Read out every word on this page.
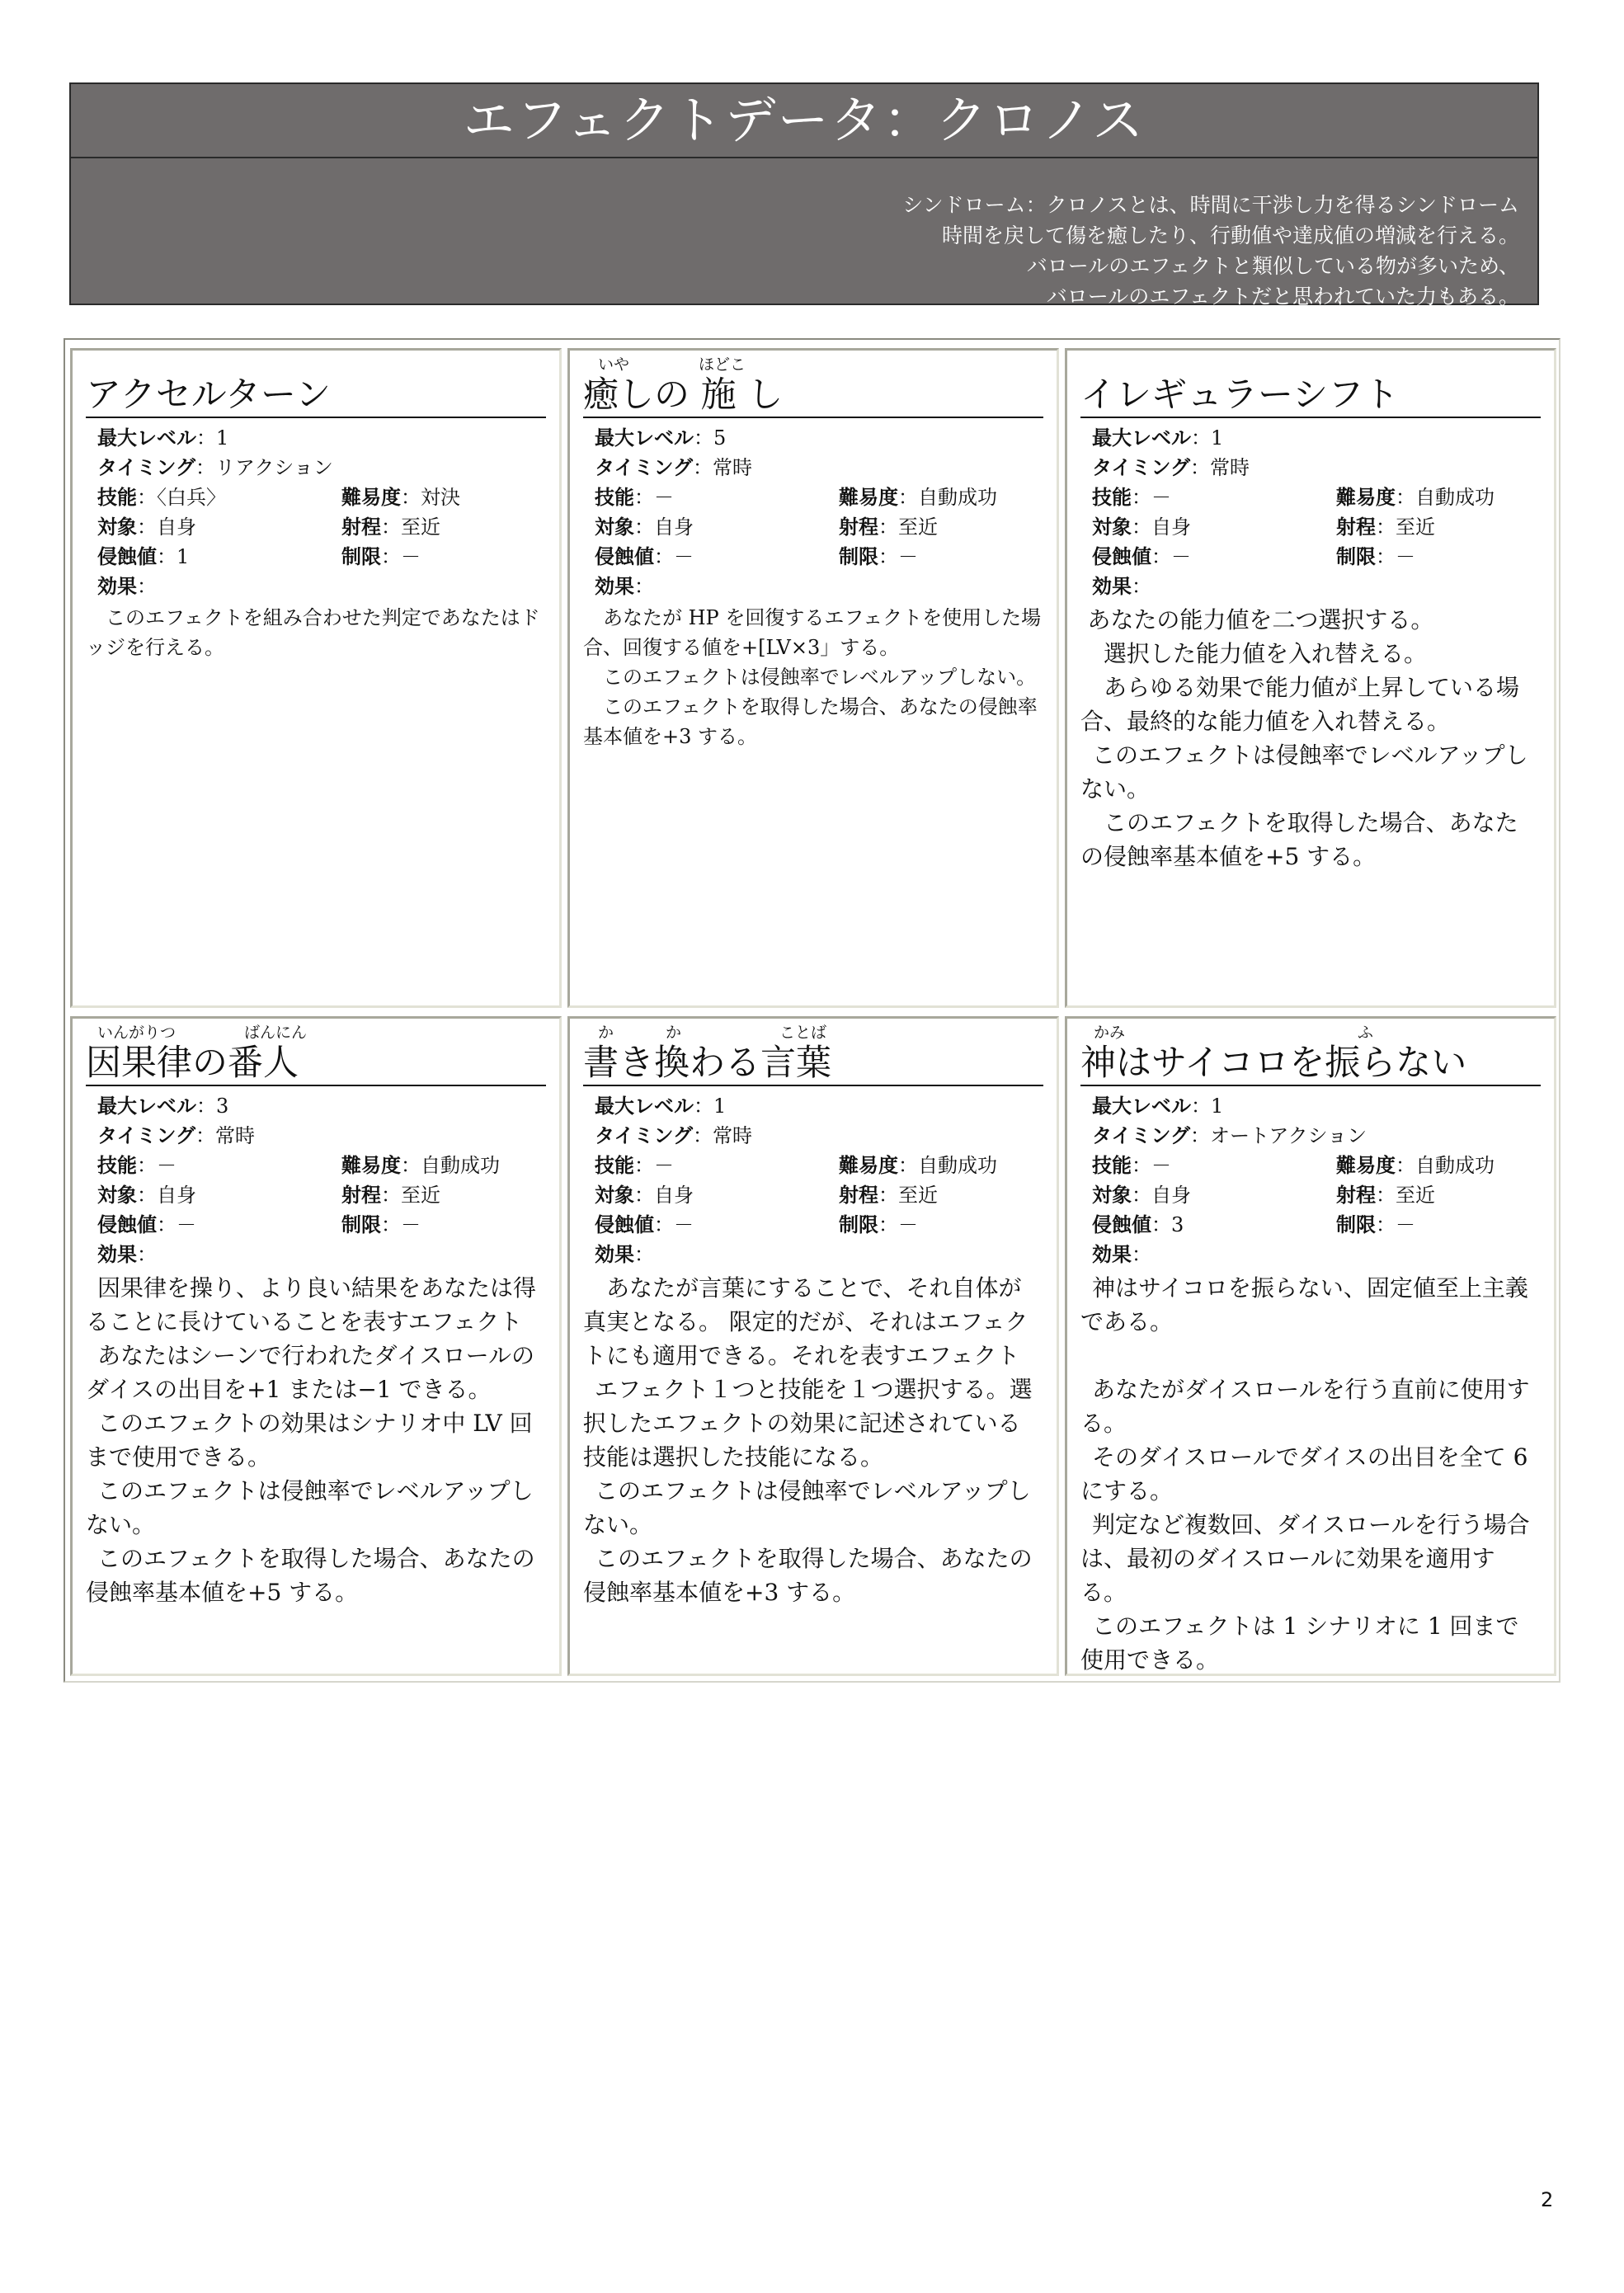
エフェクトデータ：クロノス
シンドローム：クロノスとは、時間に干渉し力を得るシンドローム
時間を戻して傷を癒したり、行動値や達成値の増減を行える。
バロールのエフェクトと類似している物が多いため、
バロールのエフェクトだと思われていた力もある。
アクセルターン
最大レベル：1
タイミング：リアクション
技能：〈白兵〉	難易度：対決
対象：自身	射程：至近
侵蝕値：1	制限：－
効果：

このエフェクトを組み合わせた判定であなたはドッジを行える。

いや	ほどこ
癒しの 施 し
最大レベル：5
タイミング：常時
技能：－	難易度：自動成功
対象：自身	射程：至近
侵蝕値：－	制限：－
効果：

あなたが HP を回復するエフェクトを使用した場合、回復する値を+[LV×3」する。

このエフェクトは侵蝕率でレベルアップしない。

このエフェクトを取得した場合、あなたの侵蝕率基本値を+3 する。

イレギュラーシフト
最大レベル：1
タイミング：常時
技能：－	難易度：自動成功
対象：自身	射程：至近
侵蝕値：－	制限：－
効果：

あなたの能力値を二つ選択する。

選択した能力値を入れ替える。

あらゆる効果で能力値が上昇している場合、最終的な能力値を入れ替える。

このエフェクトは侵蝕率でレベルアップしない。

このエフェクトを取得した場合、あなたの侵蝕率基本値を+5 する。

いんがりつ	ばんにん
因果律の番人
最大レベル：3
タイミング：常時
技能：－	難易度：自動成功
対象：自身	射程：至近
侵蝕値：－	制限：－
効果：

因果律を操り、より良い結果をあなたは得ることに長けていることを表すエフェクト

あなたはシーンで行われたダイスロールのダイスの出目を+1 または−1 できる。

このエフェクトの効果はシナリオ中 LV 回まで使用できる。

このエフェクトは侵蝕率でレベルアップしない。

このエフェクトを取得した場合、あなたの侵蝕率基本値を+5 する。

か	か	ことば
書き換わる言葉
最大レベル：1
タイミング：常時
技能：－	難易度：自動成功
対象：自身	射程：至近
侵蝕値：－	制限：－
効果：

あなたが言葉にすることで、それ自体が真実となる。 限定的だが、それはエフェクトにも適用できる。それを表すエフェクト

エフェクト１つと技能を１つ選択する。選択したエフェクトの効果に記述されている技能は選択した技能になる。

このエフェクトは侵蝕率でレベルアップしない。

このエフェクトを取得した場合、あなたの侵蝕率基本値を+3 する。

かみ	ふ
神はサイコロを振らない
最大レベル：1
タイミング：オートアクション
技能：－	難易度：自動成功
対象：自身	射程：至近
侵蝕値：3	制限：－
効果：

神はサイコロを振らない、固定値至上主義である。

あなたがダイスロールを行う直前に使用する。

そのダイスロールでダイスの出目を全て 6 にする。

判定など複数回、ダイスロールを行う場合は、最初のダイスロールに効果を適用する。

このエフェクトは 1 シナリオに 1 回まで使用できる。

2
